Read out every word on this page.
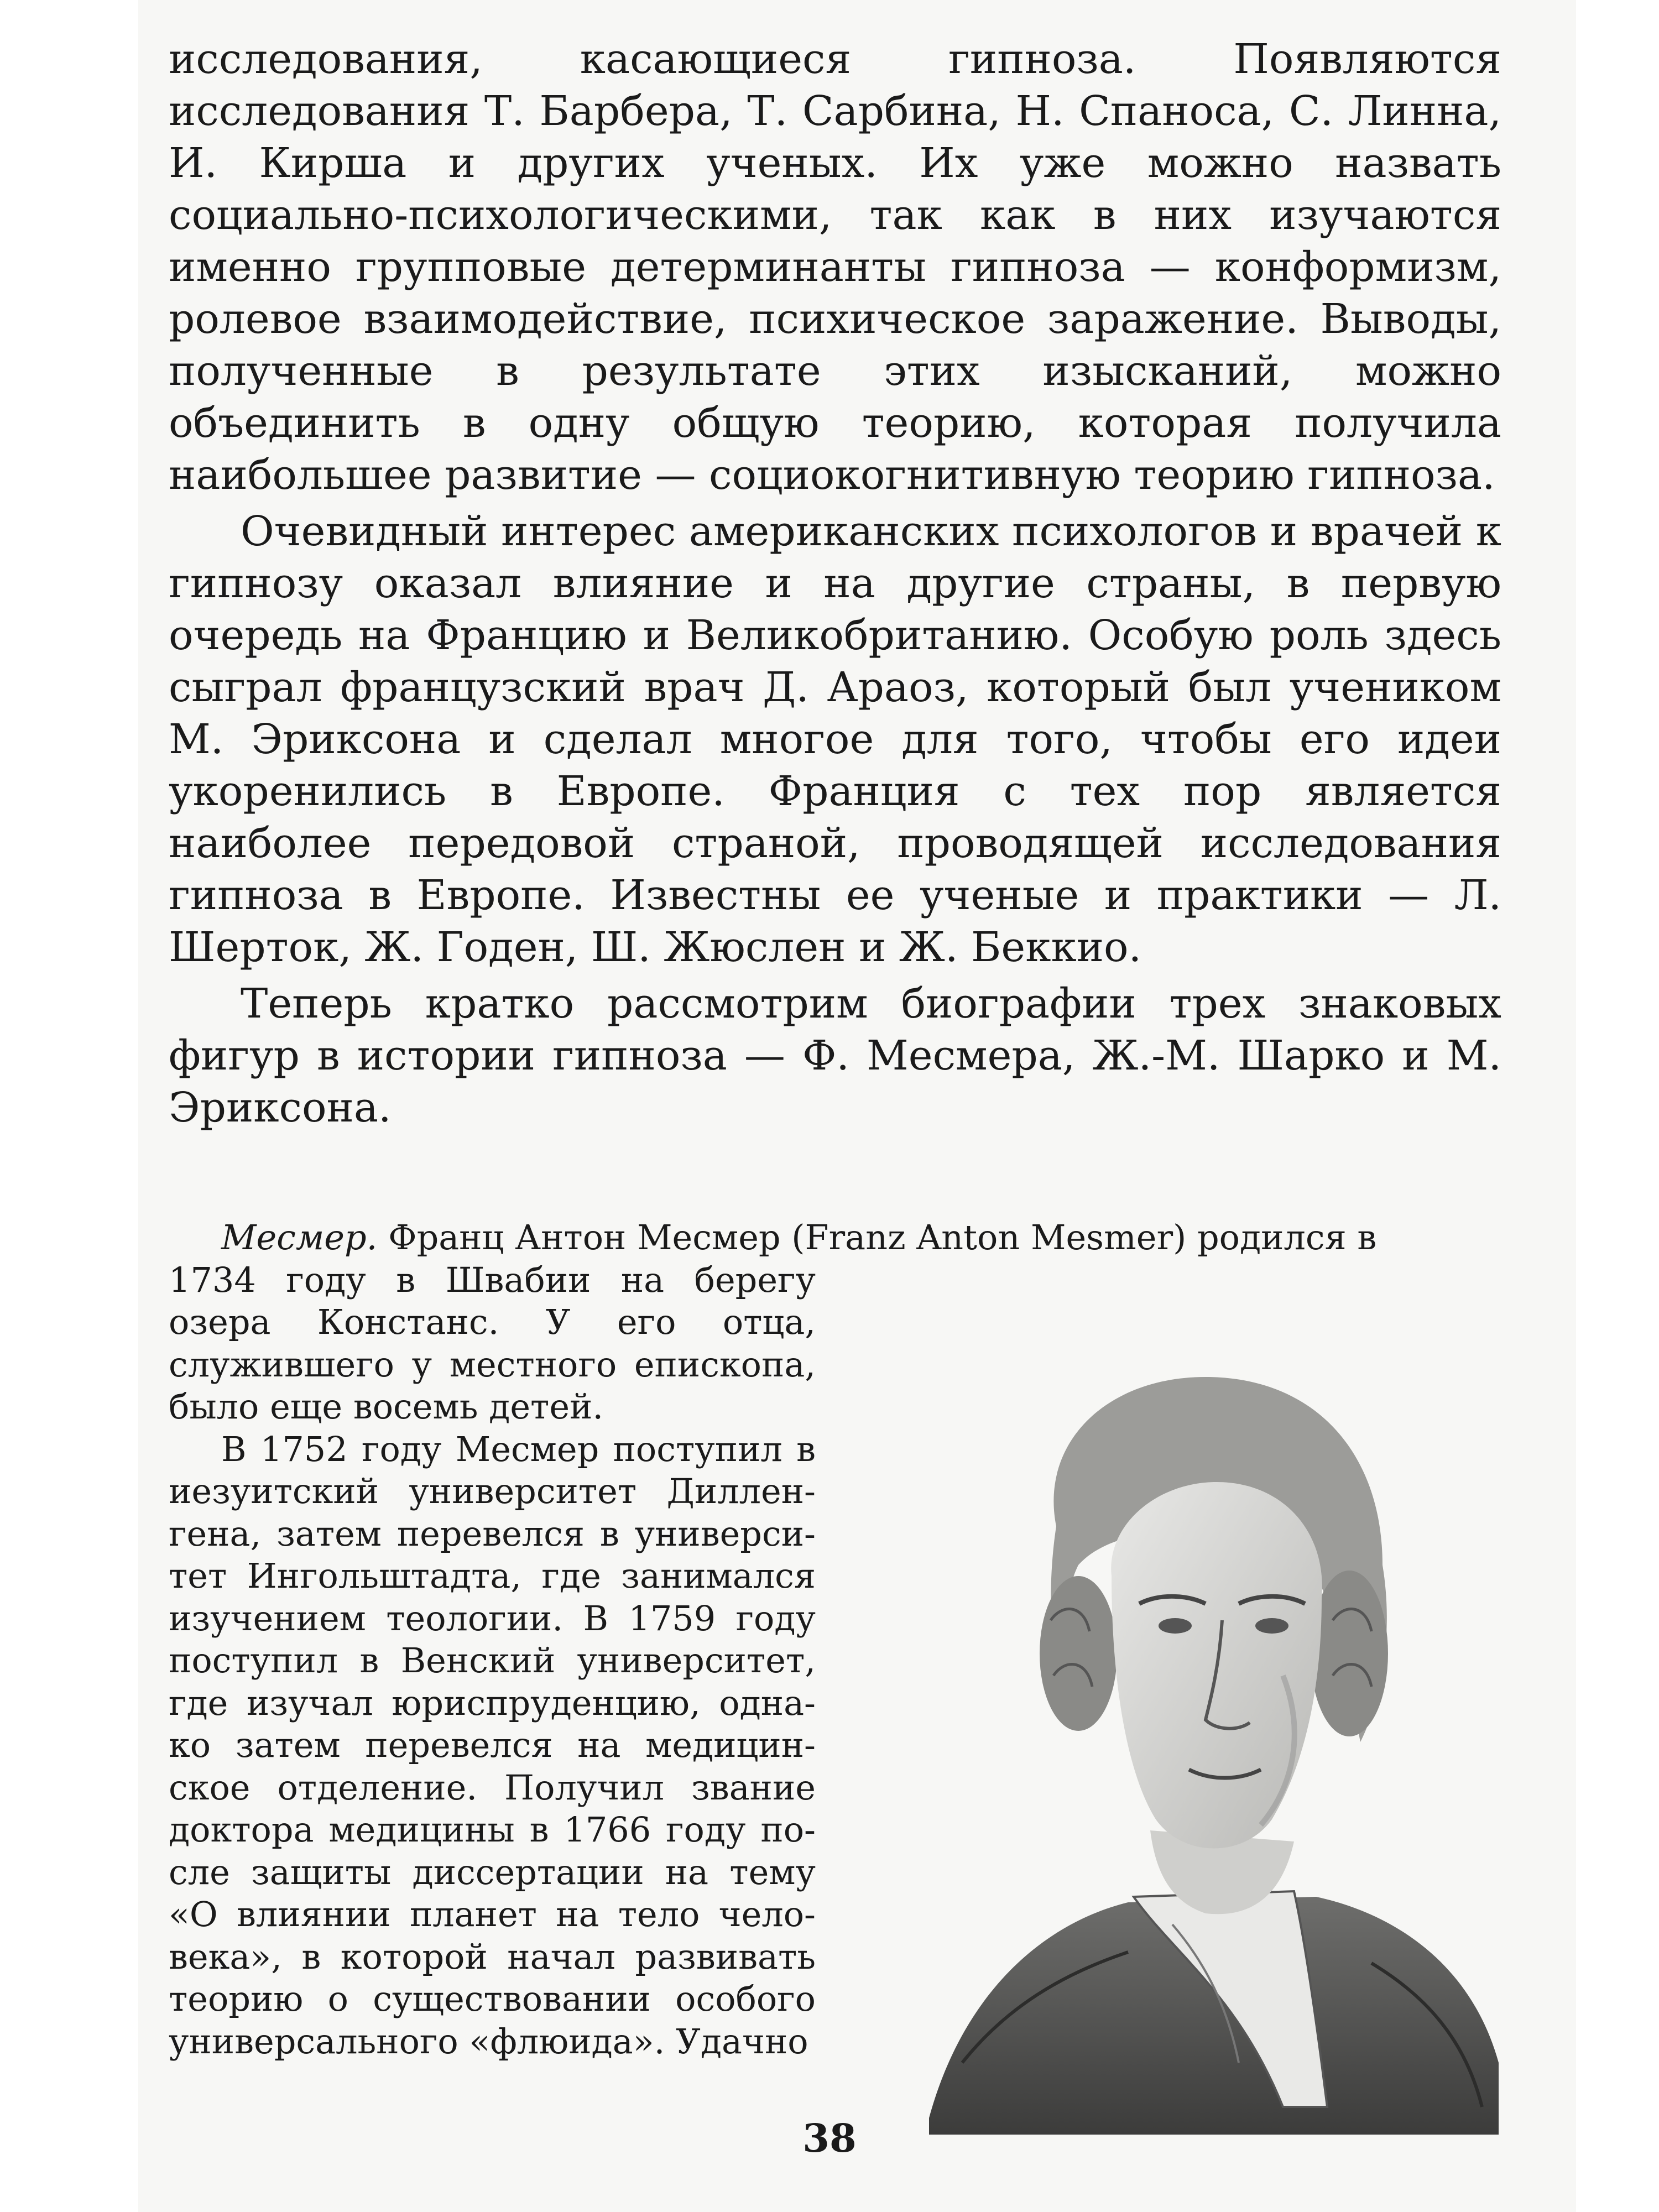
исследования, касающиеся гипноза. Появляются исследования Т. Барбера, Т. Сарбина, Н. Спаноса, С. Линна, И. Кирша и других ученых. Их уже можно назвать социально-психологическими, так как в них изучаются именно групповые детерминанты гипноза — конформизм, ролевое взаимодействие, психическое заражение. Выводы, полученные в результате этих изысканий, можно объединить в одну общую теорию, которая получила наибольшее развитие — социокогнитивную теорию гипноза.

Очевидный интерес американских психологов и врачей к гипнозу оказал влияние и на другие страны, в первую очередь на Францию и Великобританию. Особую роль здесь сыграл французский врач Д. Араоз, который был учеником М. Эриксона и сделал многое для того, чтобы его идеи укоренились в Европе. Франция с тех пор является наиболее передовой страной, проводящей исследования гипноза в Европе. Известны ее ученые и практики — Л. Шерток, Ж. Годен, Ш. Жюслен и Ж. Беккио.

Теперь кратко рассмотрим биографии трех знаковых фигур в истории гипноза — Ф. Месмера, Ж.-М. Шарко и М. Эриксона.

Месмер. Франц Антон Месмер (Franz Anton Mesmer) родился в

1734 году в Швабии на берегу озера Констанс. У его отца, служившего у местного епископа, было еще восемь детей.

В 1752 году Месмер поступил в иезуитский университет Дилленгена, затем перевелся в университет Ингольштадта, где занимался изучением теологии. В 1759 году поступил в Венский университет, где изучал юриспруденцию, однако затем перевелся на медицинское отделение. Получил звание доктора медицины в 1766 году после защиты диссертации на тему «О влиянии планет на тело человека», в которой начал развивать теорию о существовании особого универсального «флюида». Удачно

38
